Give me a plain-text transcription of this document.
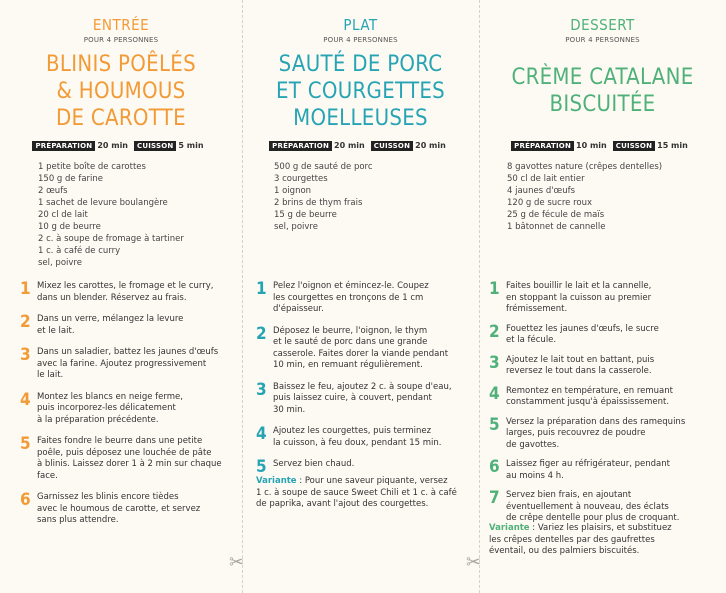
✂	✂
ENTRÉE
POUR 4 PERSONNES
BLINIS POÊLÉS
& HOUMOUS
DE CAROTTE
PRÉPARATION 20 min CUISSON 5 min
1 petite boîte de carottes
150 g de farine
2 œufs
1 sachet de levure boulangère
20 cl de lait
10 g de beurre
2 c. à soupe de fromage à tartiner
1 c. à café de curry
sel, poivre
1 Mixez les carottes, le fromage et le curry,
dans un blender. Réservez au frais.
2 Dans un verre, mélangez la levure
et le lait.
3 Dans un saladier, battez les jaunes d'œufs
avec la farine. Ajoutez progressivement
le lait.
4 Montez les blancs en neige ferme,
puis incorporez-les délicatement
à la préparation précédente.
5 Faites fondre le beurre dans une petite
poêle, puis déposez une louchée de pâte
à blinis. Laissez dorer 1 à 2 min sur chaque
face.
6 Garnissez les blinis encore tièdes
avec le houmous de carotte, et servez
sans plus attendre.
PLAT
POUR 4 PERSONNES
SAUTÉ DE PORC
ET COURGETTES
MOELLEUSES
PRÉPARATION 20 min CUISSON 20 min
500 g de sauté de porc
3 courgettes
1 oignon
2 brins de thym frais
15 g de beurre
sel, poivre
1 Pelez l'oignon et émincez-le. Coupez
les courgettes en tronçons de 1 cm
d'épaisseur.
2 Déposez le beurre, l'oignon, le thym
et le sauté de porc dans une grande
casserole. Faites dorer la viande pendant
10 min, en remuant régulièrement.
3 Baissez le feu, ajoutez 2 c. à soupe d'eau,
puis laissez cuire, à couvert, pendant
30 min.
4 Ajoutez les courgettes, puis terminez
la cuisson, à feu doux, pendant 15 min.
5 Servez bien chaud.
Variante : Pour une saveur piquante, versez
1 c. à soupe de sauce Sweet Chili et 1 c. à café
de paprika, avant l'ajout des courgettes.
DESSERT
POUR 4 PERSONNES
CRÈME CATALANE
BISCUITÉE
PRÉPARATION 10 min CUISSON 15 min
8 gavottes nature (crêpes dentelles)
50 cl de lait entier
4 jaunes d'œufs
120 g de sucre roux
25 g de fécule de maïs
1 bâtonnet de cannelle
1 Faites bouillir le lait et la cannelle,
en stoppant la cuisson au premier
frémissement.
2 Fouettez les jaunes d'œufs, le sucre
et la fécule.
3 Ajoutez le lait tout en battant, puis
reversez le tout dans la casserole.
4 Remontez en température, en remuant
constamment jusqu'à épaississement.
5 Versez la préparation dans des ramequins
larges, puis recouvrez de poudre
de gavottes.
6 Laissez figer au réfrigérateur, pendant
au moins 4 h.
7 Servez bien frais, en ajoutant
éventuellement à nouveau, des éclats
de crêpe dentelle pour plus de croquant.
Variante : Variez les plaisirs, et substituez
les crêpes dentelles par des gaufrettes
éventail, ou des palmiers biscuités.
